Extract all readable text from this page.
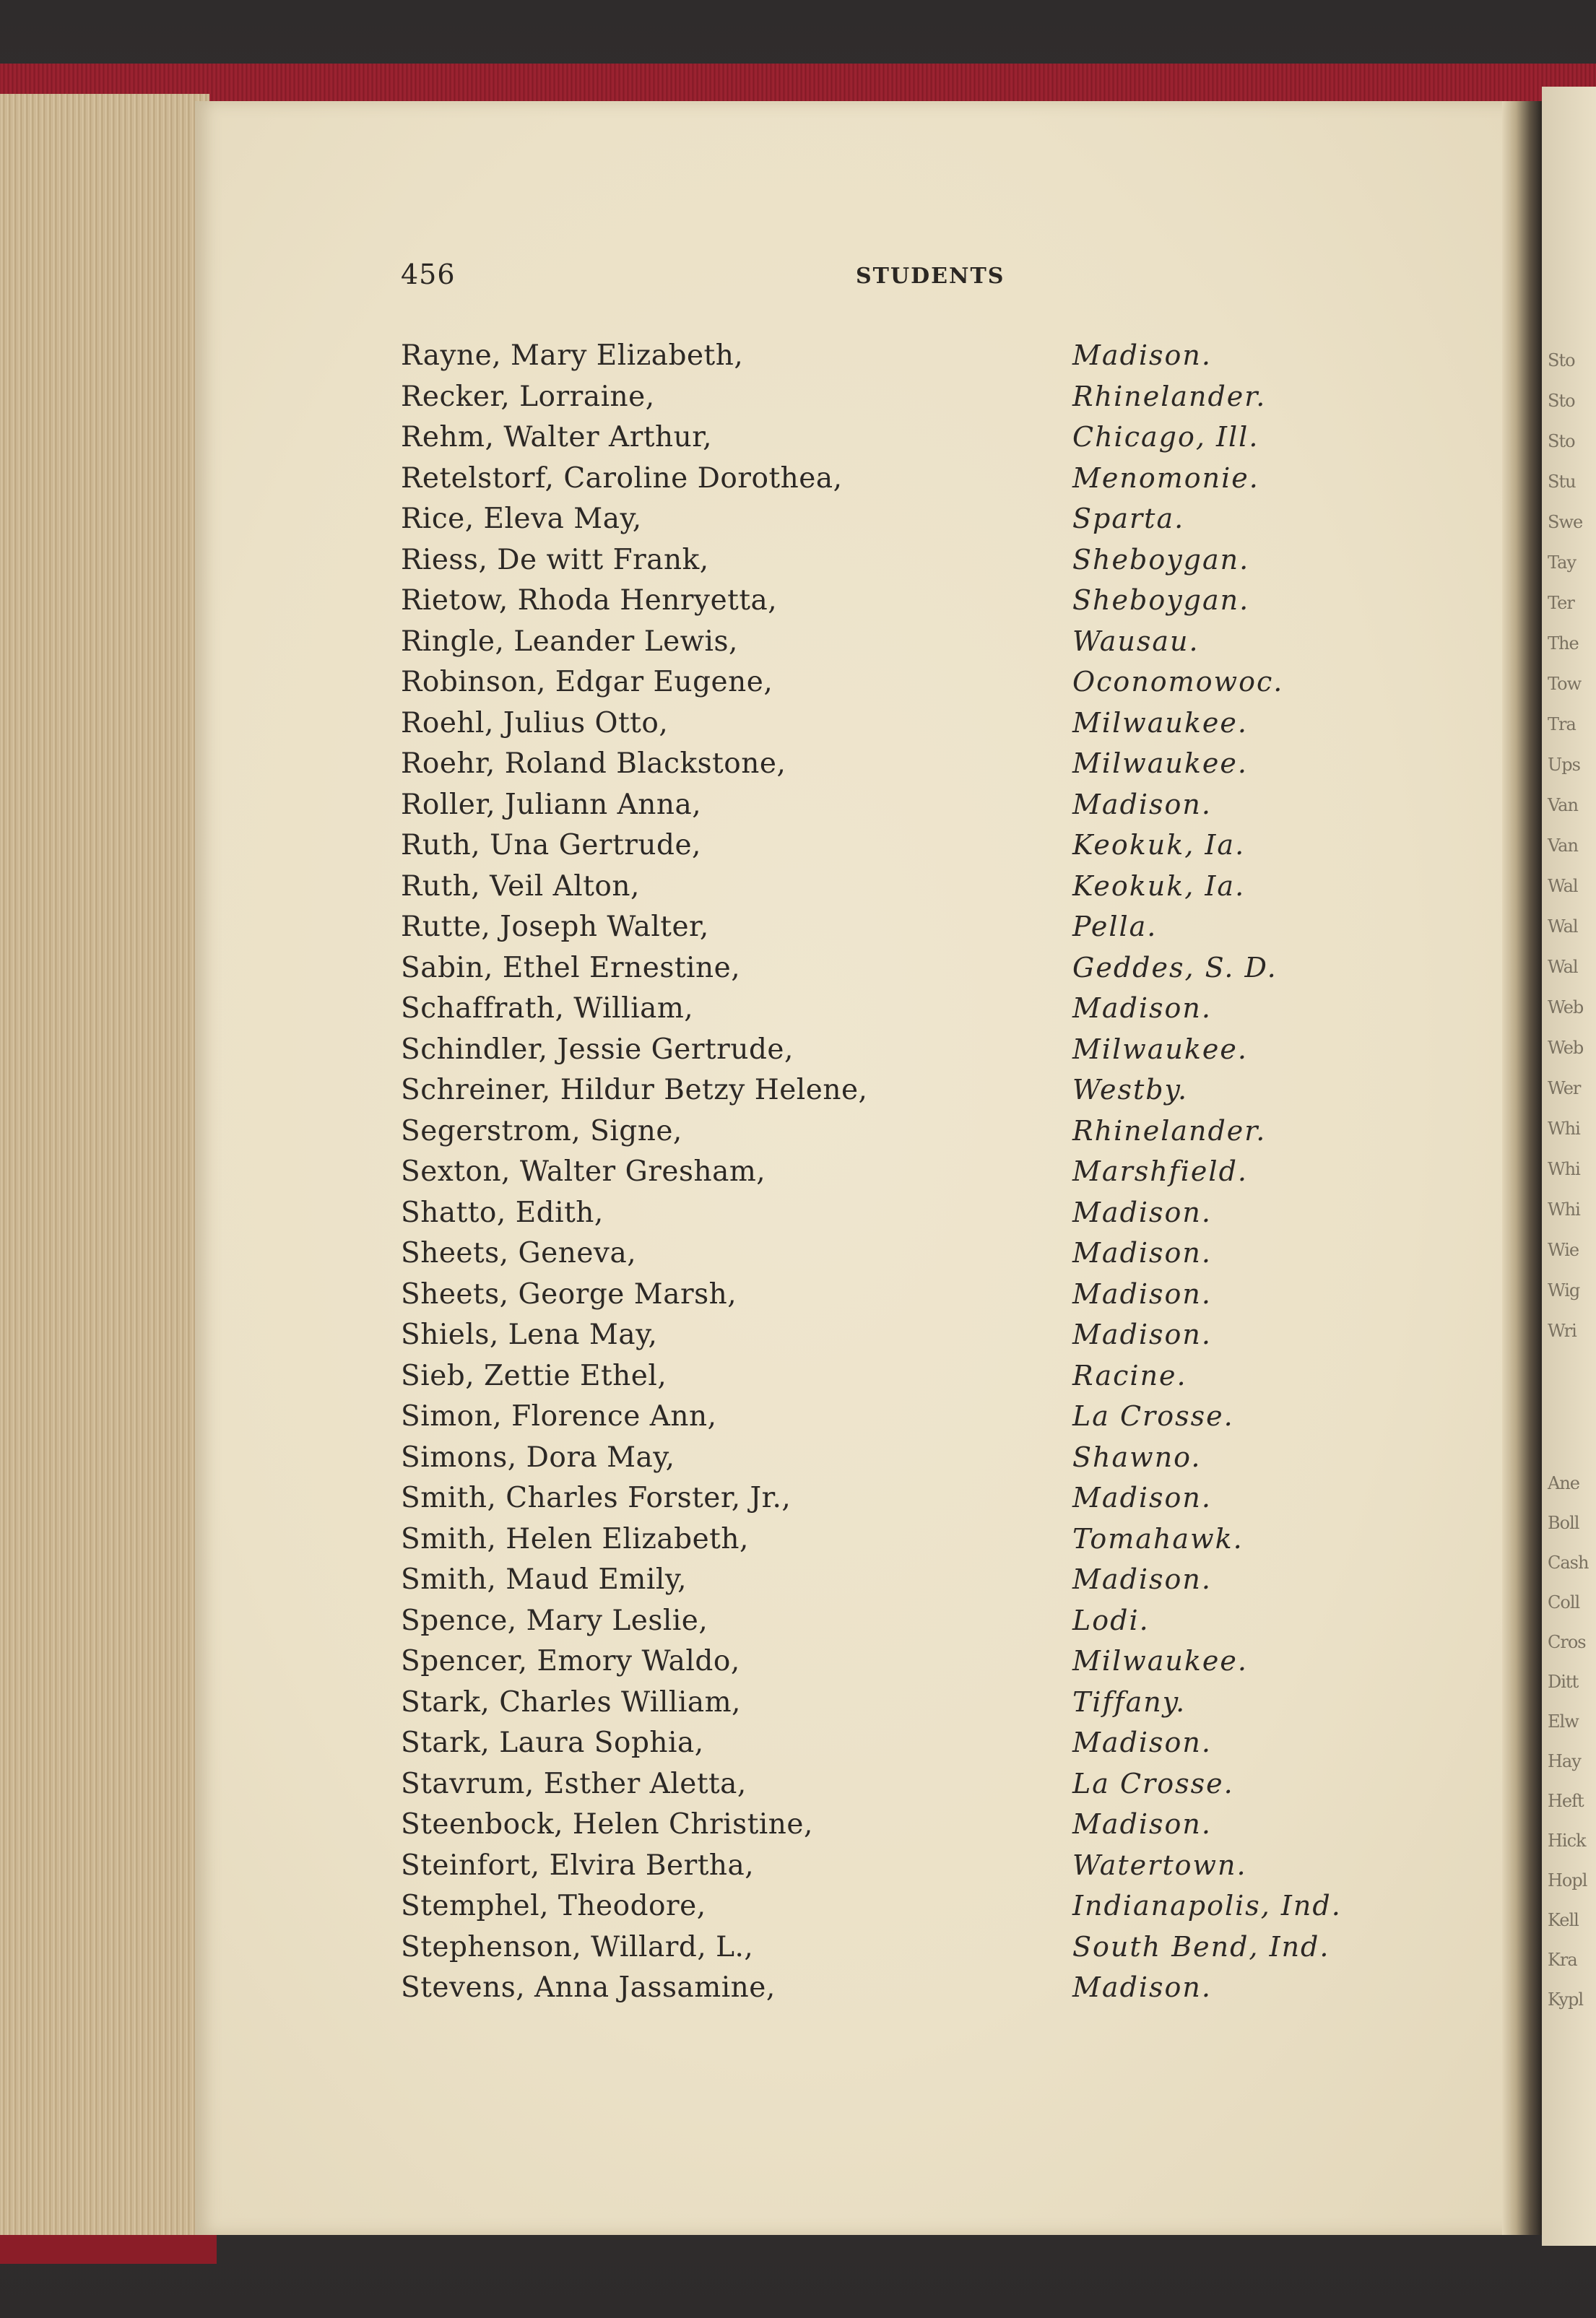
Sto
Sto
Sto
Stu
Swe
Tay
Ter
The
Tow
Tra
Ups
Van
Van
Wal
Wal
Wal
Web
Web
Wer
Whi
Whi
Whi
Wie
Wig
Wri
Ane
Boll
Cash
Coll
Cros
Ditt
Elw
Hay
Heft
Hick
Hopl
Kell
Kra
Kypl
456	STUDENTS
Rayne, Mary Elizabeth,	Madison.
Recker, Lorraine,	Rhinelander.
Rehm, Walter Arthur,	Chicago, Ill.
Retelstorf, Caroline Dorothea,	Menomonie.
Rice, Eleva May,	Sparta.
Riess, De witt Frank,	Sheboygan.
Rietow, Rhoda Henryetta,	Sheboygan.
Ringle, Leander Lewis,	Wausau.
Robinson, Edgar Eugene,	Oconomowoc.
Roehl, Julius Otto,	Milwaukee.
Roehr, Roland Blackstone,	Milwaukee.
Roller, Juliann Anna,	Madison.
Ruth, Una Gertrude,	Keokuk, Ia.
Ruth, Veil Alton,	Keokuk, Ia.
Rutte, Joseph Walter,	Pella.
Sabin, Ethel Ernestine,	Geddes, S. D.
Schaffrath, William,	Madison.
Schindler, Jessie Gertrude,	Milwaukee.
Schreiner, Hildur Betzy Helene,	Westby.
Segerstrom, Signe,	Rhinelander.
Sexton, Walter Gresham,	Marshfield.
Shatto, Edith,	Madison.
Sheets, Geneva,	Madison.
Sheets, George Marsh,	Madison.
Shiels, Lena May,	Madison.
Sieb, Zettie Ethel,	Racine.
Simon, Florence Ann,	La Crosse.
Simons, Dora May,	Shawno.
Smith, Charles Forster, Jr.,	Madison.
Smith, Helen Elizabeth,	Tomahawk.
Smith, Maud Emily,	Madison.
Spence, Mary Leslie,	Lodi.
Spencer, Emory Waldo,	Milwaukee.
Stark, Charles William,	Tiffany.
Stark, Laura Sophia,	Madison.
Stavrum, Esther Aletta,	La Crosse.
Steenbock, Helen Christine,	Madison.
Steinfort, Elvira Bertha,	Watertown.
Stemphel, Theodore,	Indianapolis, Ind.
Stephenson, Willard, L.,	South Bend, Ind.
Stevens, Anna Jassamine,	Madison.
